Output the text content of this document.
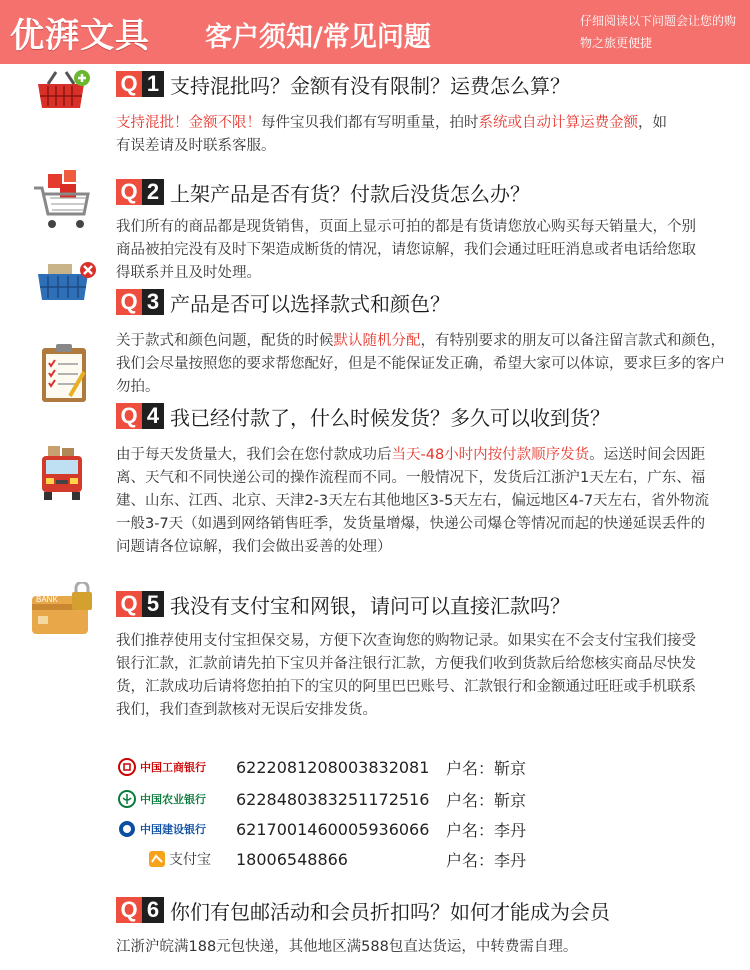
优湃文具 客户须知/常见问题
仔细阅读以下问题会让您的购物之旅更便捷
BANK
Q 1 支持混批吗？金额有没有限制？运费怎么算？
支持混批！金额不限！每件宝贝我们都有写明重量，拍时系统或自动计算运费金额，如有误差请及时联系客服。
Q 2 上架产品是否有货？付款后没货怎么办？
我们所有的商品都是现货销售，页面上显示可拍的都是有货请您放心购买每天销量大，个别商品被拍完没有及时下架造成断货的情况，请您谅解，我们会通过旺旺消息或者电话给您取得联系并且及时处理。
Q 3 产品是否可以选择款式和颜色？
关于款式和颜色问题，配货的时候默认随机分配，有特别要求的朋友可以备注留言款式和颜色，我们会尽量按照您的要求帮您配好，但是不能保证发正确，希望大家可以体谅，要求巨多的客户勿拍。
Q 4 我已经付款了，什么时候发货？多久可以收到货？
由于每天发货量大，我们会在您付款成功后当天-48小时内按付款顺序发货。运送时间会因距离、天气和不同快递公司的操作流程而不同。一般情况下，发货后江浙沪1天左右，广东、福建、山东、江西、北京、天津2-3天左右其他地区3-5天左右，偏远地区4-7天左右，省外物流一般3-7天（如遇到网络销售旺季，发货量增爆，快递公司爆仓等情况而起的快递延误丢件的问题请各位谅解，我们会做出妥善的处理）
Q 5 我没有支付宝和网银，请问可以直接汇款吗？
我们推荐使用支付宝担保交易，方便下次查询您的购物记录。如果实在不会支付宝我们接受银行汇款，汇款前请先拍下宝贝并备注银行汇款，方便我们收到货款后给您核实商品尽快发货，汇款成功后请将您拍拍下的宝贝的阿里巴巴账号、汇款银行和金额通过旺旺或手机联系我们，我们查到款核对无误后安排发货。
中国工商银行 6222081208003832081	户名：靳京
中国农业银行 6228480383251172516	户名：靳京
中国建设银行 6217001460005936066	户名：李丹
支付宝 18006548866	户名：李丹
Q 6 你们有包邮活动和会员折扣吗？如何才能成为会员
江浙沪皖满188元包快递，其他地区满588包直达货运，中转费需自理。
